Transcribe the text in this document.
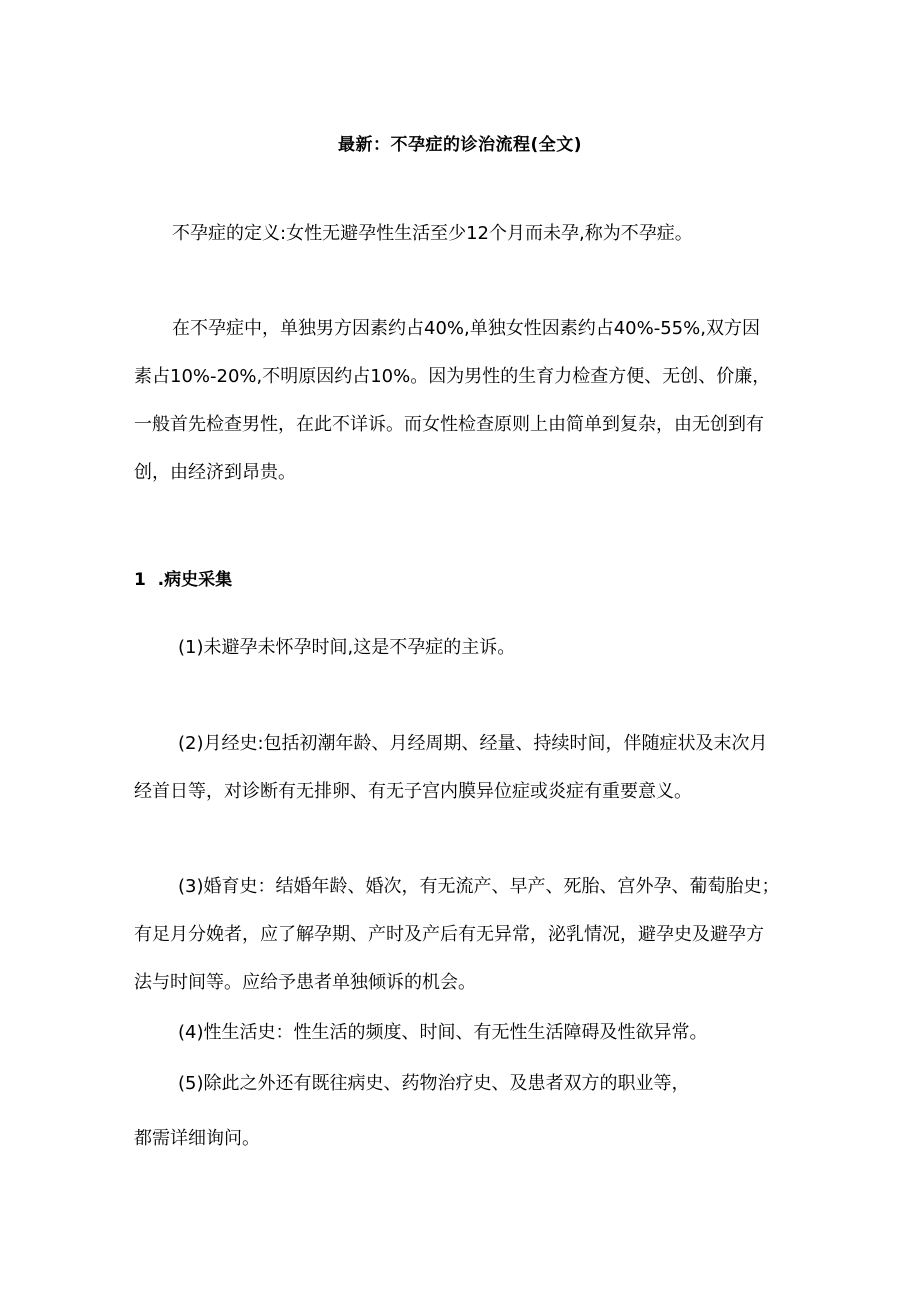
最新：不孕症的诊治流程(全文)
不孕症的定义:女性无避孕性生活至少12个月而未孕,称为不孕症。
在不孕症中，单独男方因素约占40%,单独女性因素约占40%-55%,双方因
素占10%-20%,不明原因约占10%。因为男性的生育力检查方便、无创、价廉，
一般首先检查男性，在此不详诉。而女性检查原则上由简单到复杂，由无创到有
创，由经济到昂贵。
1  .病史采集
(1)未避孕未怀孕时间,这是不孕症的主诉。
(2)月经史:包括初潮年龄、月经周期、经量、持续时间，伴随症状及末次月
经首日等，对诊断有无排卵、有无子宫内膜异位症或炎症有重要意义。
(3)婚育史：结婚年龄、婚次，有无流产、早产、死胎、宫外孕、葡萄胎史；
有足月分娩者，应了解孕期、产时及产后有无异常，泌乳情况，避孕史及避孕方
法与时间等。应给予患者单独倾诉的机会。
(4)性生活史：性生活的频度、时间、有无性生活障碍及性欲异常。
(5)除此之外还有既往病史、药物治疗史、及患者双方的职业等，
都需详细询问。
